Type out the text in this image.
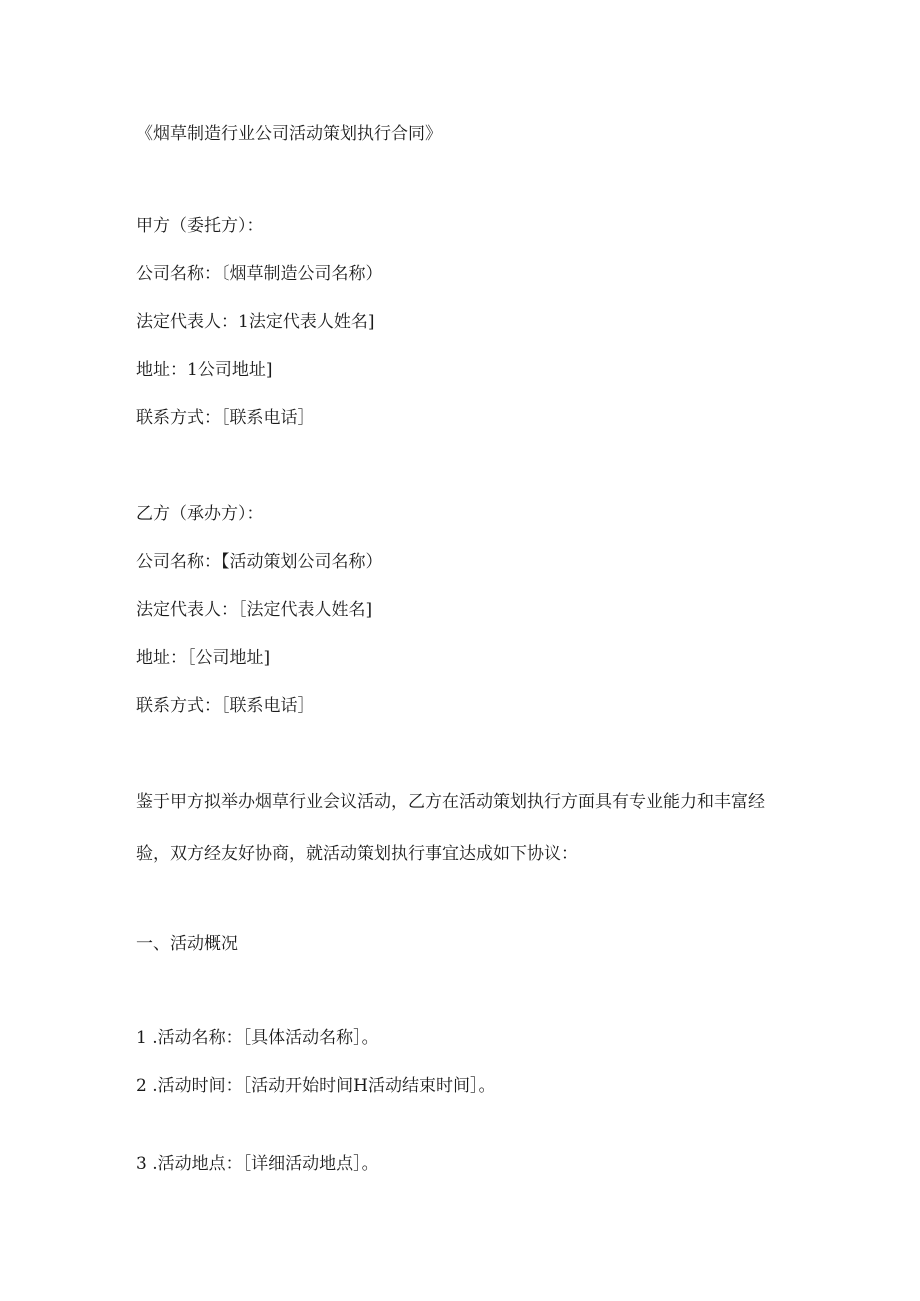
《烟草制造行业公司活动策划执行合同》
甲方（委托方）：
公司名称：〔烟草制造公司名称）
法定代表人：1法定代表人姓名]
地址：1公司地址]
联系方式：［联系电话］
乙方（承办方）：
公司名称：【活动策划公司名称）
法定代表人：［法定代表人姓名]
地址：［公司地址]
联系方式：［联系电话］
鉴于甲方拟举办烟草行业会议活动，乙方在活动策划执行方面具有专业能力和丰富经验，双方经友好协商，就活动策划执行事宜达成如下协议：
一、活动概况
1 .活动名称：［具体活动名称］。
2 .活动时间：［活动开始时间H活动结束时间］。
3 .活动地点：［详细活动地点］。
